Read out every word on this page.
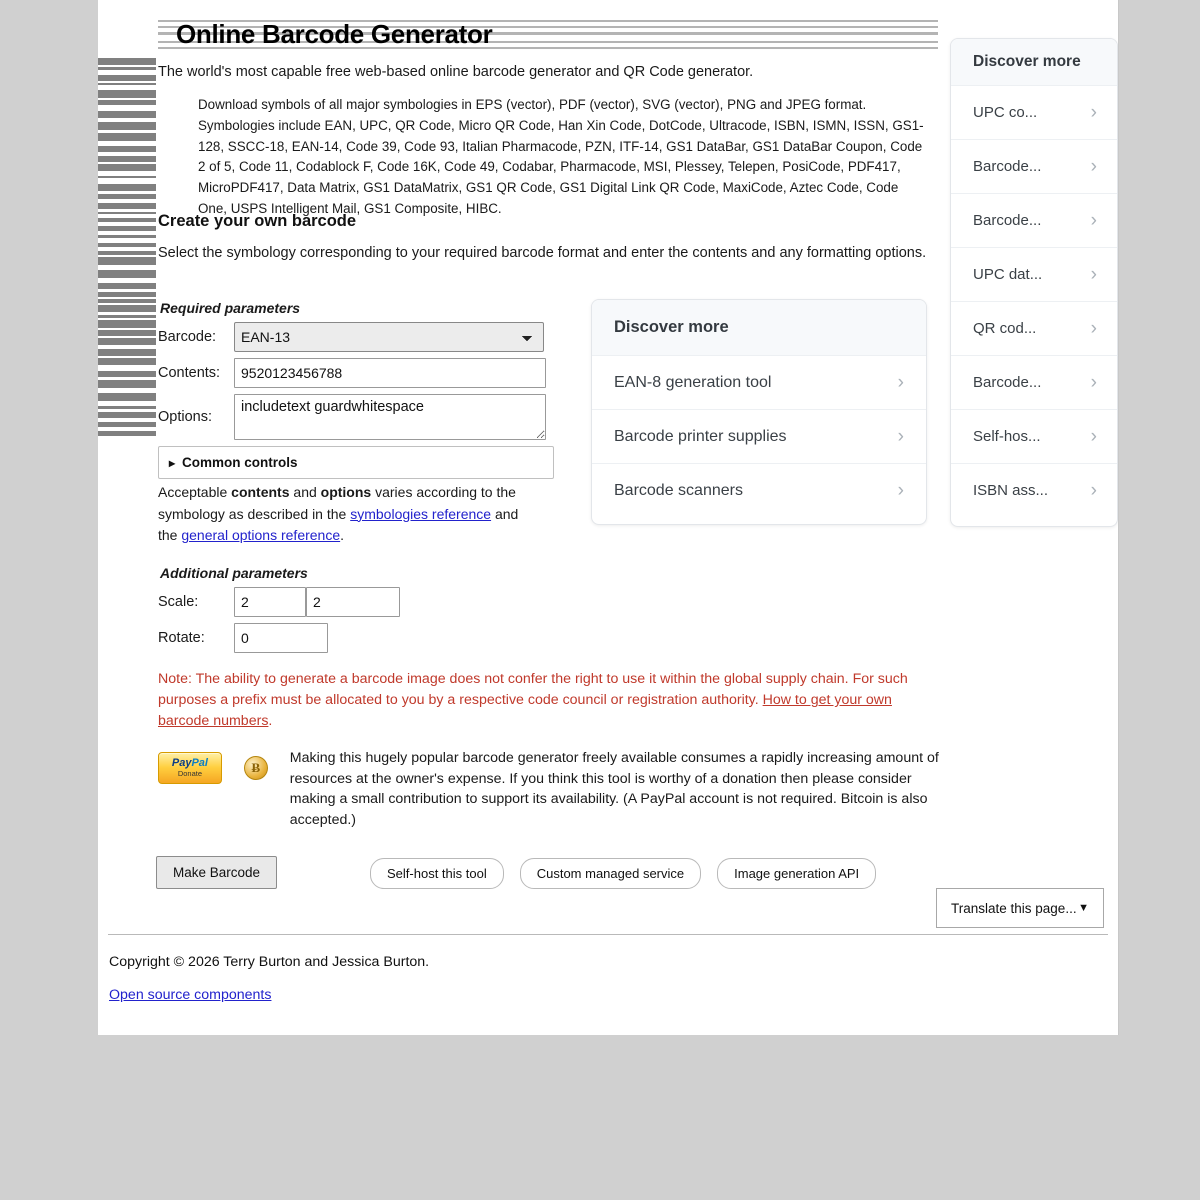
Online Barcode Generator
The world's most capable free web-based online barcode generator and QR Code generator.
Download symbols of all major symbologies in EPS (vector), PDF (vector), SVG (vector), PNG and JPEG format. Symbologies include EAN, UPC, QR Code, Micro QR Code, Han Xin Code, DotCode, Ultracode, ISBN, ISMN, ISSN, GS1-128, SSCC-18, EAN-14, Code 39, Code 93, Italian Pharmacode, PZN, ITF-14, GS1 DataBar, GS1 DataBar Coupon, Code 2 of 5, Code 11, Codablock F, Code 16K, Code 49, Codabar, Pharmacode, MSI, Plessey, Telepen, PosiCode, PDF417, MicroPDF417, Data Matrix, GS1 DataMatrix, GS1 QR Code, GS1 Digital Link QR Code, MaxiCode, Aztec Code, Code One, USPS Intelligent Mail, GS1 Composite, HIBC.
Create your own barcode
Select the symbology corresponding to your required barcode format and enter the contents and any formatting options.
Required parameters
Barcode:
EAN-13
Contents:
9520123456788
Options:
includetext guardwhitespace
▸ Common controls
Acceptable contents and options varies according to the symbology as described in the symbologies reference and the general options reference.
Additional parameters
Scale:
2
2
Rotate:
0
Note: The ability to generate a barcode image does not confer the right to use it within the global supply chain. For such purposes a prefix must be allocated to you by a respective code council or registration authority. How to get your own barcode numbers.
PayPal
Donate	Ƀ
Making this hugely popular barcode generator freely available consumes a rapidly increasing amount of resources at the owner's expense. If you think this tool is worthy of a donation then please consider making a small contribution to support its availability. (A PayPal account is not required. Bitcoin is also accepted.)
Make Barcode	Self-host this tool	Custom managed service	Image generation API
Translate this page... ▼
Copyright © 2026 Terry Burton and Jessica Burton.
Open source components
Discover more
EAN-8 generation tool	›
Barcode printer supplies	›
Barcode scanners	›
Discover more
UPC co...	›
Barcode...	›
Barcode...	›
UPC dat...	›
QR cod...	›
Barcode...	›
Self-hos...	›
ISBN ass... ›
